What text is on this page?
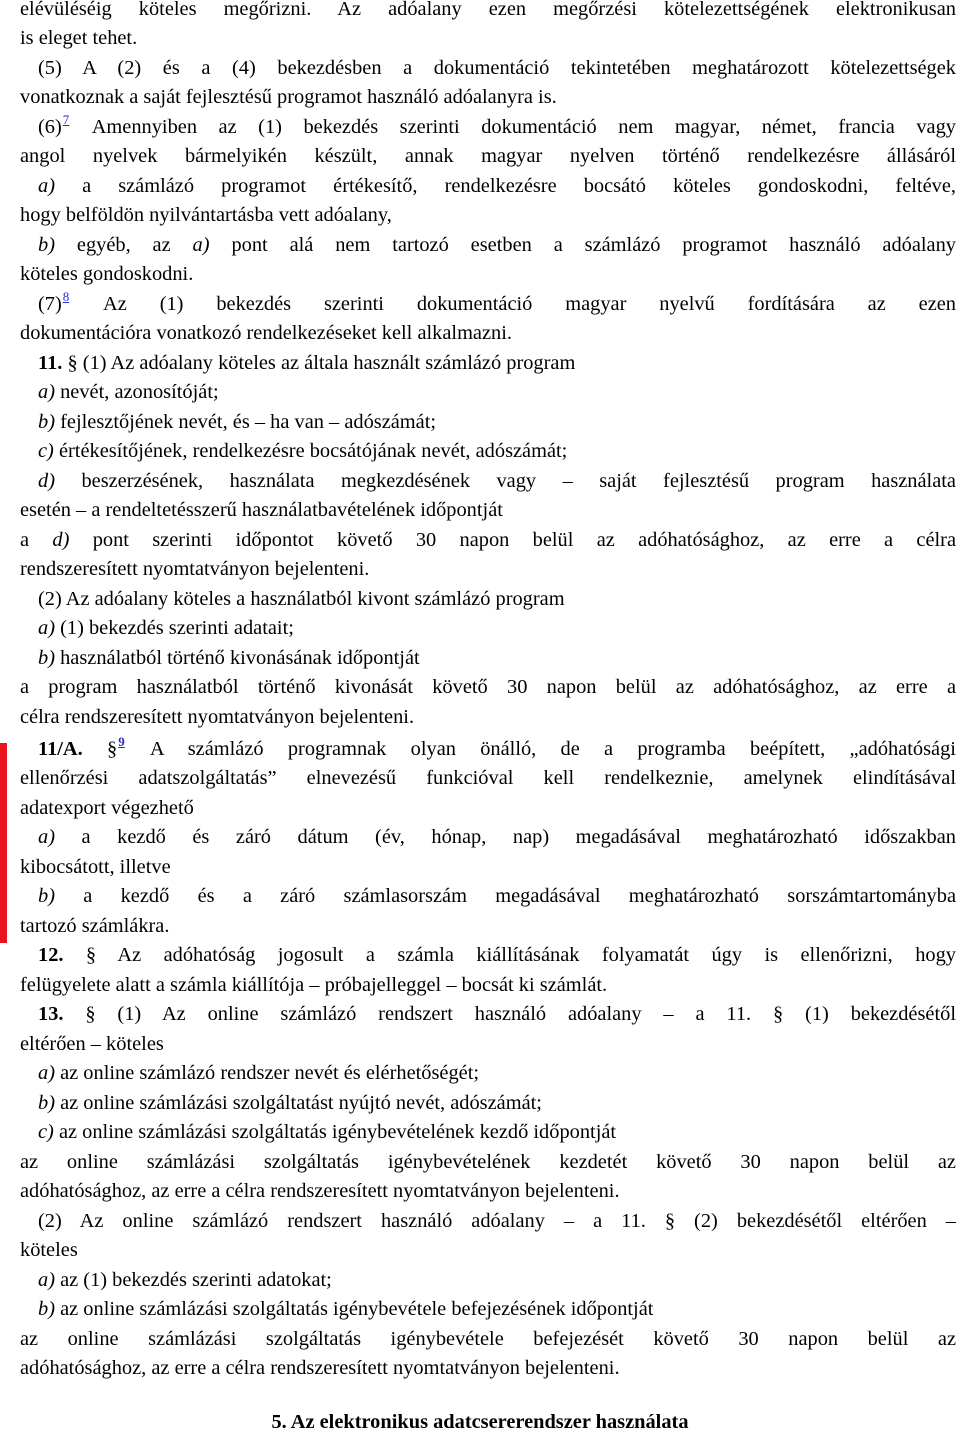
elévüléséig köteles megőrizni. Az adóalany ezen megőrzési kötelezettségének elektronikusan
is eleget tehet.
(5) A (2) és a (4) bekezdésben a dokumentáció tekintetében meghatározott kötelezettségek
vonatkoznak a saját fejlesztésű programot használó adóalanyra is.
(6)$^7$ Amennyiben az (1) bekezdés szerinti dokumentáció nem magyar, német, francia vagy
angol nyelvek bármelyikén készült, annak magyar nyelven történő rendelkezésre állásáról
a) a számlázó programot értékesítő, rendelkezésre bocsátó köteles gondoskodni, feltéve,
hogy belföldön nyilvántartásba vett adóalany,
b) egyéb, az a) pont alá nem tartozó esetben a számlázó programot használó adóalany
köteles gondoskodni.
(7)$^8$ Az (1) bekezdés szerinti dokumentáció magyar nyelvű fordítására az ezen
dokumentációra vonatkozó rendelkezéseket kell alkalmazni.
11. § (1) Az adóalany köteles az általa használt számlázó program
a) nevét, azonosítóját;
b) fejlesztőjének nevét, és – ha van – adószámát;
c) értékesítőjének, rendelkezésre bocsátójának nevét, adószámát;
d) beszerzésének, használata megkezdésének vagy – saját fejlesztésű program használata
esetén – a rendeltetésszerű használatbavételének időpontját
a d) pont szerinti időpontot követő 30 napon belül az adóhatósághoz, az erre a célra
rendszeresített nyomtatványon bejelenteni.
(2) Az adóalany köteles a használatból kivont számlázó program
a) (1) bekezdés szerinti adatait;
b) használatból történő kivonásának időpontját
a program használatból történő kivonását követő 30 napon belül az adóhatósághoz, az erre a
célra rendszeresített nyomtatványon bejelenteni.
11/A. §$^9$ A számlázó programnak olyan önálló, de a programba beépített, „adóhatósági
ellenőrzési adatszolgáltatás” elnevezésű funkcióval kell rendelkeznie, amelynek elindításával
adatexport végezhető
a) a kezdő és záró dátum (év, hónap, nap) megadásával meghatározható időszakban
kibocsátott, illetve
b) a kezdő és a záró számlasorszám megadásával meghatározható sorszámtartományba
tartozó számlákra.
12. § Az adóhatóság jogosult a számla kiállításának folyamatát úgy is ellenőrizni, hogy
felügyelete alatt a számla kiállítója – próbajelleggel – bocsát ki számlát.
13. § (1) Az online számlázó rendszert használó adóalany – a 11. § (1) bekezdésétől
eltérően – köteles
a) az online számlázó rendszer nevét és elérhetőségét;
b) az online számlázási szolgáltatást nyújtó nevét, adószámát;
c) az online számlázási szolgáltatás igénybevételének kezdő időpontját
az online számlázási szolgáltatás igénybevételének kezdetét követő 30 napon belül az
adóhatósághoz, az erre a célra rendszeresített nyomtatványon bejelenteni.
(2) Az online számlázó rendszert használó adóalany – a 11. § (2) bekezdésétől eltérően –
köteles
a) az (1) bekezdés szerinti adatokat;
b) az online számlázási szolgáltatás igénybevétele befejezésének időpontját
az online számlázási szolgáltatás igénybevétele befejezését követő 30 napon belül az
adóhatósághoz, az erre a célra rendszeresített nyomtatványon bejelenteni.
5. Az elektronikus adatcsererendszer használata
